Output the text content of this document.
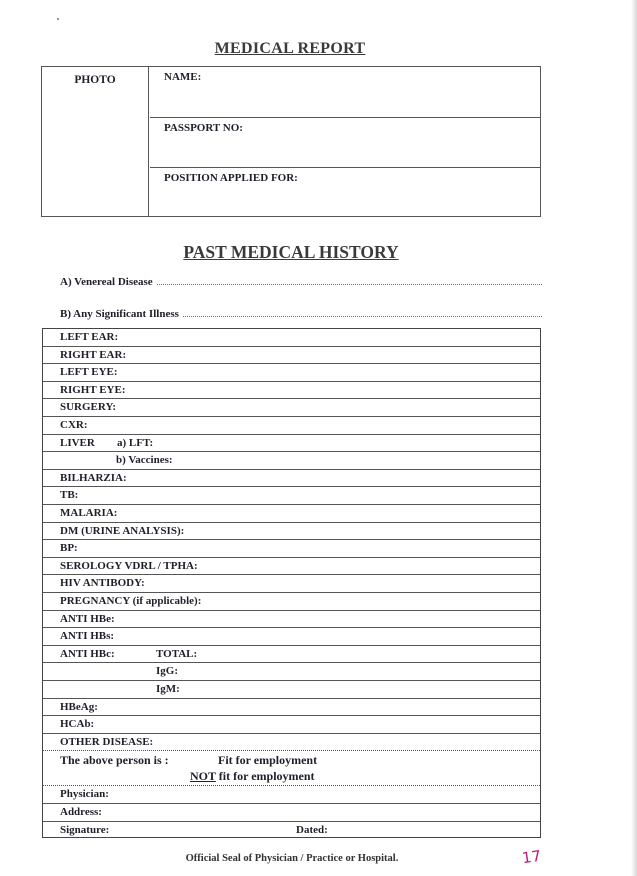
MEDICAL REPORT
PHOTO	NAME:
PASSPORT NO:
POSITION APPLIED FOR:
PAST MEDICAL HISTORY
A) Venereal Disease
B) Any Significant Illness
LEFT EAR:
RIGHT EAR:
LEFT EYE:
RIGHT EYE:
SURGERY:
CXR:
LIVER a) LFT:
b) Vaccines:
BILHARZIA:
TB:
MALARIA:
DM (URINE ANALYSIS):
BP:
SEROLOGY VDRL / TPHA:
HIV ANTIBODY:
PREGNANCY (if applicable):
ANTI HBe:
ANTI HBs:
ANTI HBc:	TOTAL:
IgG:
IgM:
HBeAg:
HCAb:
OTHER DISEASE:
The above person is :	Fit for employment
NOT fit for employment
Physician:
Address:
Signature:	Dated:
Official Seal of Physician / Practice or Hospital.	17
